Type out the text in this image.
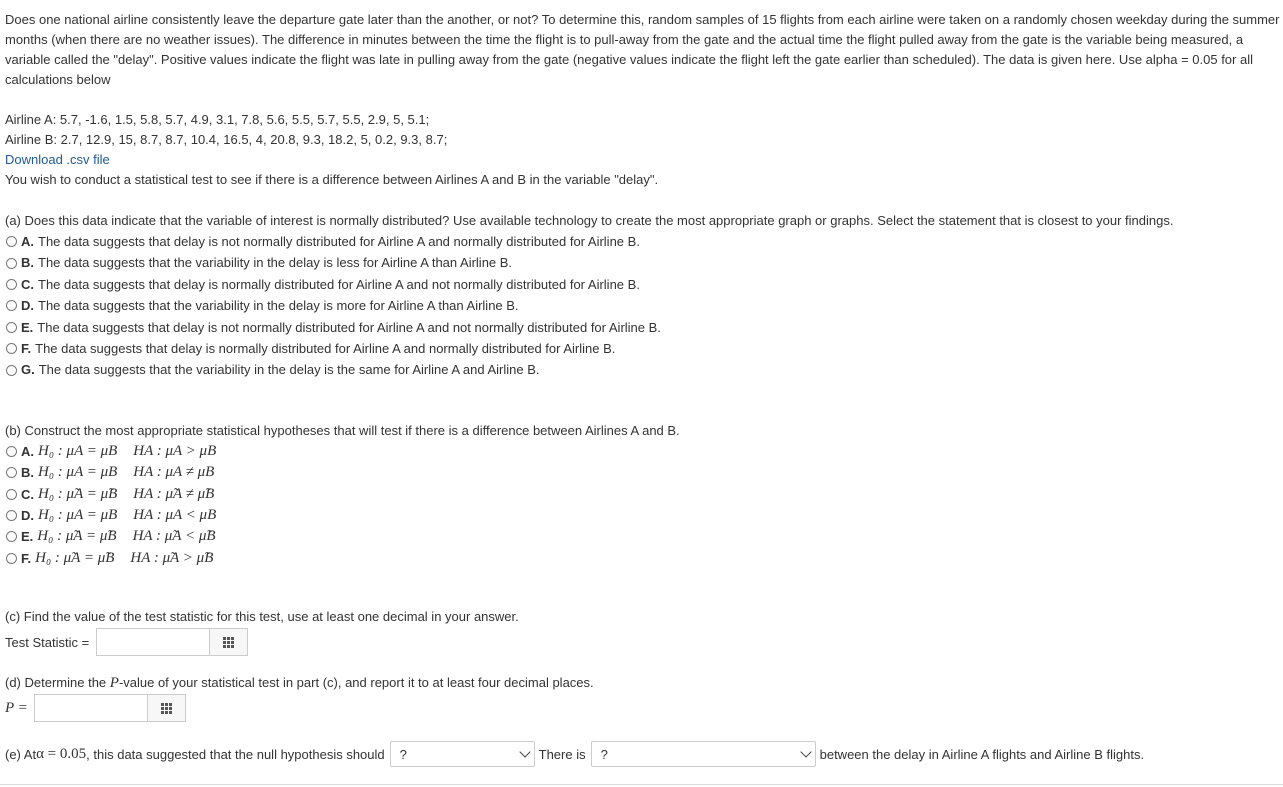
Does one national airline consistently leave the departure gate later than the another, or not? To determine this, random samples of 15 flights from each airline were taken on a randomly chosen weekday during the summer months (when there are no weather issues). The difference in minutes between the time the flight is to pull-away from the gate and the actual time the flight pulled away from the gate is the variable being measured, a variable called the "delay". Positive values indicate the flight was late in pulling away from the gate (negative values indicate the flight left the gate earlier than scheduled). The data is given here. Use alpha = 0.05 for all calculations below

Airline A: 5.7, -1.6, 1.5, 5.8, 5.7, 4.9, 3.1, 7.8, 5.6, 5.5, 5.7, 5.5, 2.9, 5, 5.1;
Airline B: 2.7, 12.9, 15, 8.7, 8.7, 10.4, 16.5, 4, 20.8, 9.3, 18.2, 5, 0.2, 9.3, 8.7;
Download .csv file
You wish to conduct a statistical test to see if there is a difference between Airlines A and B in the variable "delay".
(a) Does this data indicate that the variable of interest is normally distributed? Use available technology to create the most appropriate graph or graphs. Select the statement that is closest to your findings.
A. The data suggests that delay is not normally distributed for Airline A and normally distributed for Airline B.
B. The data suggests that the variability in the delay is less for Airline A than Airline B.
C. The data suggests that delay is normally distributed for Airline A and not normally distributed for Airline B.
D. The data suggests that the variability in the delay is more for Airline A than Airline B.
E. The data suggests that delay is not normally distributed for Airline A and not normally distributed for Airline B.
F. The data suggests that delay is normally distributed for Airline A and normally distributed for Airline B.
G. The data suggests that the variability in the delay is the same for Airline A and Airline B.
(b) Construct the most appropriate statistical hypotheses that will test if there is a difference between Airlines A and B.
A. H₀ : μA = μB HA : μA > μB
B. H₀ : μA = μB HA : μA ≠ μB
C. H₀ : μ̃A = μ̃B HA : μ̃A ≠ μ̃B
D. H₀ : μA = μB HA : μA < μB
E. H₀ : μ̃A = μ̃B HA : μ̃A < μ̃B
F. H₀ : μ̃A = μ̃B HA : μ̃A > μ̃B
(c) Find the value of the test statistic for this test, use at least one decimal in your answer.
Test Statistic =
(d) Determine the P-value of your statistical test in part (c), and report it to at least four decimal places.
P =
(e) At α = 0.05 , this data suggested that the null hypothesis should ?	There is ?	between the delay in Airline A flights and Airline B flights.
